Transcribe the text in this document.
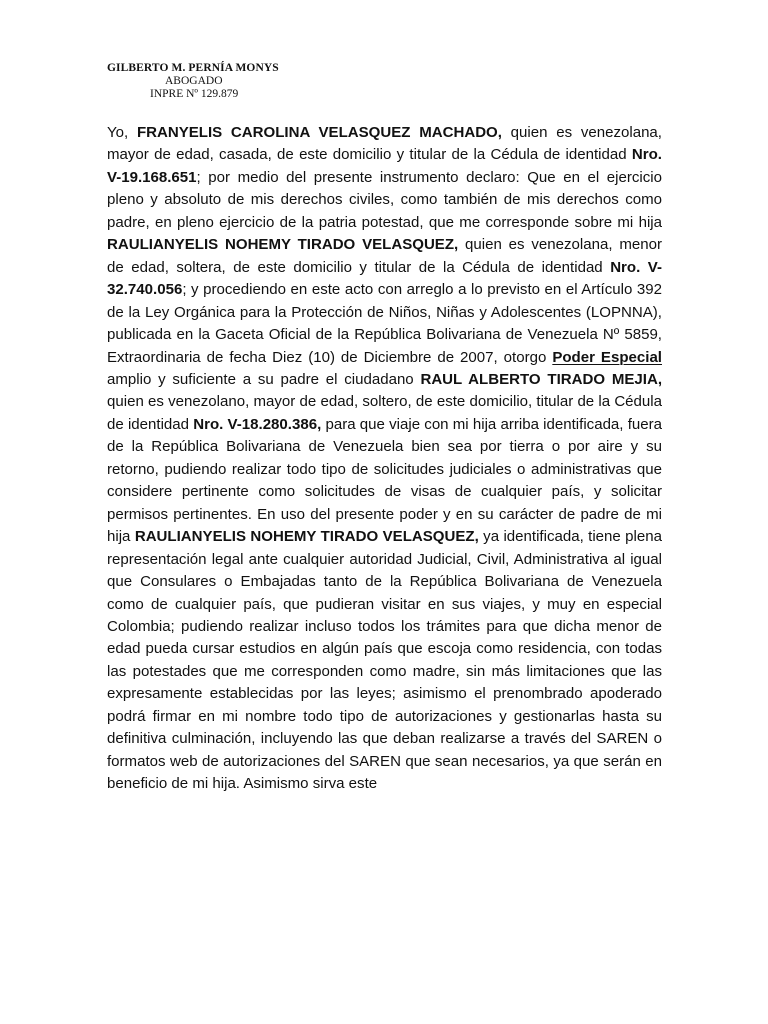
GILBERTO M. PERNÍA MONYS
ABOGADO
INPRE Nº 129.879

Yo, FRANYELIS CAROLINA VELASQUEZ MACHADO, quien es venezolana, mayor de edad, casada, de este domicilio y titular de la Cédula de identidad Nro. V-19.168.651; por medio del presente instrumento declaro: Que en el ejercicio pleno y absoluto de mis derechos civiles, como también de mis derechos como padre, en pleno ejercicio de la patria potestad, que me corresponde sobre mi hija RAULIANYELIS NOHEMY TIRADO VELASQUEZ, quien es venezolana, menor de edad, soltera, de este domicilio y titular de la Cédula de identidad Nro. V-32.740.056; y procediendo en este acto con arreglo a lo previsto en el Artículo 392 de la Ley Orgánica para la Protección de Niños, Niñas y Adolescentes (LOPNNA), publicada en la Gaceta Oficial de la República Bolivariana de Venezuela Nº 5859, Extraordinaria de fecha Diez (10) de Diciembre de 2007, otorgo Poder Especial amplio y suficiente a su padre el ciudadano RAUL ALBERTO TIRADO MEJIA, quien es venezolano, mayor de edad, soltero, de este domicilio, titular de la Cédula de identidad Nro. V-18.280.386, para que viaje con mi hija arriba identificada, fuera de la República Bolivariana de Venezuela bien sea por tierra o por aire y su retorno, pudiendo realizar todo tipo de solicitudes judiciales o administrativas que considere pertinente como solicitudes de visas de cualquier país, y solicitar permisos pertinentes. En uso del presente poder y en su carácter de padre de mi hija RAULIANYELIS NOHEMY TIRADO VELASQUEZ, ya identificada, tiene plena representación legal ante cualquier autoridad Judicial, Civil, Administrativa al igual que Consulares o Embajadas tanto de la República Bolivariana de Venezuela como de cualquier país, que pudieran visitar en sus viajes, y muy en especial Colombia; pudiendo realizar incluso todos los trámites para que dicha menor de edad pueda cursar estudios en algún país que escoja como residencia, con todas las potestades que me corresponden como madre, sin más limitaciones que las expresamente establecidas por las leyes; asimismo el prenombrado apoderado podrá firmar en mi nombre todo tipo de autorizaciones y gestionarlas hasta su definitiva culminación, incluyendo las que deban realizarse a través del SAREN o formatos web de autorizaciones del SAREN que sean necesarios, ya que serán en beneficio de mi hija. Asimismo sirva este
